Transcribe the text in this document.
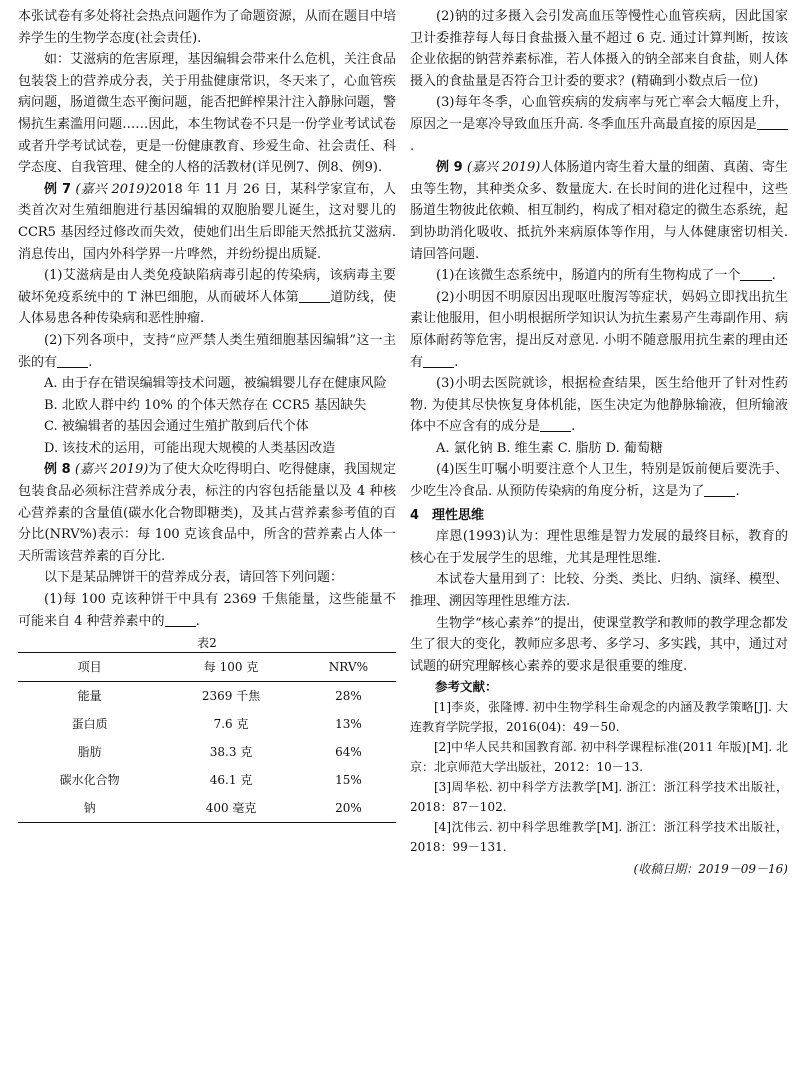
本张试卷有多处将社会热点问题作为了命题资源，从而在题目中培养学生的生物学态度(社会责任).

如：艾滋病的危害原理，基因编辑会带来什么危机，关注食品包装袋上的营养成分表，关于用盐健康常识，冬天来了，心血管疾病问题，肠道微生态平衡问题，能否把鲜榨果汁注入静脉问题，警惕抗生素滥用问题……因此，本生物试卷不只是一份学业考试试卷或者升学考试试卷，更是一份健康教育、珍爱生命、社会责任、科学态度、自我管理、健全的人格的活教材(详见例7、例8、例9).

例 7 (嘉兴 2019)2018 年 11 月 26 日，某科学家宣布，人类首次对生殖细胞进行基因编辑的双胞胎婴儿诞生，这对婴儿的 CCR5 基因经过修改而失效，使她们出生后即能天然抵抗艾滋病. 消息传出，国内外科学界一片哗然，并纷纷提出质疑.

(1)艾滋病是由人类免疫缺陷病毒引起的传染病，该病毒主要破坏免疫系统中的 T 淋巴细胞，从而破坏人体第 道防线，使人体易患各种传染病和恶性肿瘤.

(2)下列各项中，支持“应严禁人类生殖细胞基因编辑”这一主张的有 .

A. 由于存在错误编辑等技术问题，被编辑婴儿存在健康风险

B. 北欧人群中约 10% 的个体天然存在 CCR5 基因缺失

C. 被编辑者的基因会通过生殖扩散到后代个体

D. 该技术的运用，可能出现大规模的人类基因改造

例 8 (嘉兴 2019)为了使大众吃得明白、吃得健康，我国规定包装食品必须标注营养成分表，标注的内容包括能量以及 4 种核心营养素的含量值(碳水化合物即糖类)，及其占营养素参考值的百分比(NRV%)表示：每 100 克该食品中，所含的营养素占人体一天所需该营养素的百分比.

以下是某品牌饼干的营养成分表，请回答下列问题：

(1)每 100 克该种饼干中具有 2369 千焦能量，这些能量不可能来自 4 种营养素中的 .

表2
项目	每 100 克	NRV%
能量	2369 千焦	28%
蛋白质	7.6 克	13%
脂肪	38.3 克	64%
碳水化合物	46.1 克	15%
钠	400 毫克	20%

(2)钠的过多摄入会引发高血压等慢性心血管疾病，因此国家卫计委推荐每人每日食盐摄入量不超过 6 克. 通过计算判断，按该企业依据的钠营养素标准，若人体摄入的钠全部来自食盐，则人体摄入的食盐量是否符合卫计委的要求？(精确到小数点后一位)

(3)每年冬季，心血管疾病的发病率与死亡率会大幅度上升，原因之一是寒冷导致血压升高. 冬季血压升高最直接的原因是.

例 9 (嘉兴 2019)人体肠道内寄生着大量的细菌、真菌、寄生虫等生物，其种类众多、数量庞大. 在长时间的进化过程中，这些肠道生物彼此依赖、相互制约，构成了相对稳定的微生态系统，起到协助消化吸收、抵抗外来病原体等作用，与人体健康密切相关. 请回答问题.

(1)在该微生态系统中，肠道内的所有生物构成了一个 .

(2)小明因不明原因出现呕吐腹泻等症状，妈妈立即找出抗生素让他服用，但小明根据所学知识认为抗生素易产生毒副作用、病原体耐药等危害，提出反对意见. 小明不随意服用抗生素的理由还有 .

(3)小明去医院就诊，根据检查结果，医生给他开了针对性药物. 为使其尽快恢复身体机能，医生决定为他静脉输液，但所输液体中不应含有的成分是 .

A. 氯化钠 B. 维生素 C. 脂肪 D. 葡萄糖

(4)医生叮嘱小明要注意个人卫生，特别是饭前便后要洗手、少吃生冷食品. 从预防传染病的角度分析，这是为了 .

4　理性思维

庠恩(1993)认为：理性思维是智力发展的最终目标，教育的核心在于发展学生的思维，尤其是理性思维.

本试卷大量用到了：比较、分类、类比、归纳、演绎、模型、推理、溯因等理性思维方法.

生物学“核心素养”的提出，使课堂教学和教师的教学理念都发生了很大的变化，教师应多思考、多学习、多实践，其中，通过对试题的研究理解核心素养的要求是很重要的维度.

参考文献：

[1]李炎，张隆博. 初中生物学科生命观念的内涵及教学策略[J]. 大连教育学院学报，2016(04)：49－50.

[2]中华人民共和国教育部. 初中科学课程标准(2011 年版)[M]. 北京：北京师范大学出版社，2012：10－13.

[3]周华松. 初中科学方法教学[M]. 浙江：浙江科学技术出版社，2018：87－102.

[4]沈伟云. 初中科学思维教学[M]. 浙江：浙江科学技术出版社，2018：99－131.

(收稿日期：2019－09－16)
